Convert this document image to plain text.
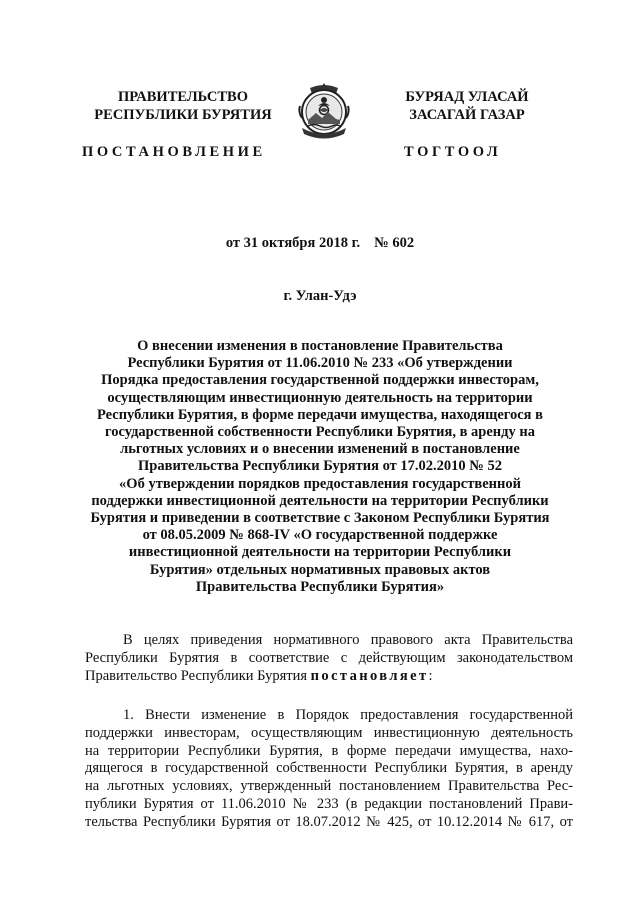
ПРАВИТЕЛЬСТВО
РЕСПУБЛИКИ БУРЯТИЯ
БУРЯАД УЛАСАЙ
ЗАСАГАЙ ГАЗАР
ПОСТАНОВЛЕНИЕ	ТОГТООЛ
от 31 октября 2018 г. № 602
г. Улан-Удэ
О внесении изменения в постановление Правительства
Республики Бурятия от 11.06.2010 № 233 «Об утверждении
Порядка предоставления государственной поддержки инвесторам,
осуществляющим инвестиционную деятельность на территории
Республики Бурятия, в форме передачи имущества, находящегося в
государственной собственности Республики Бурятия, в аренду на
льготных условиях и о внесении изменений в постановление
Правительства Республики Бурятия от 17.02.2010 № 52
«Об утверждении порядков предоставления государственной
поддержки инвестиционной деятельности на территории Республики
Бурятия и приведении в соответствие с Законом Республики Бурятия
от 08.05.2009 № 868-IV «О государственной поддержке
инвестиционной деятельности на территории Республики
Бурятия» отдельных нормативных правовых актов
Правительства Республики Бурятия»
В целях приведения нормативного правового акта Правительства
Республики Бурятия в соответствие с действующим законодательством
Правительство Республики Бурятия постановляет:
1. Внести изменение в Порядок предоставления государственной
поддержки инвесторам, осуществляющим инвестиционную деятельность
на территории Республики Бурятия, в форме передачи имущества, нахо-
дящегося в государственной собственности Республики Бурятия, в аренду
на льготных условиях, утвержденный постановлением Правительства Рес-
публики Бурятия от 11.06.2010 № 233 (в редакции постановлений Прави-
тельства Республики Бурятия от 18.07.2012 № 425, от 10.12.2014 № 617, от
